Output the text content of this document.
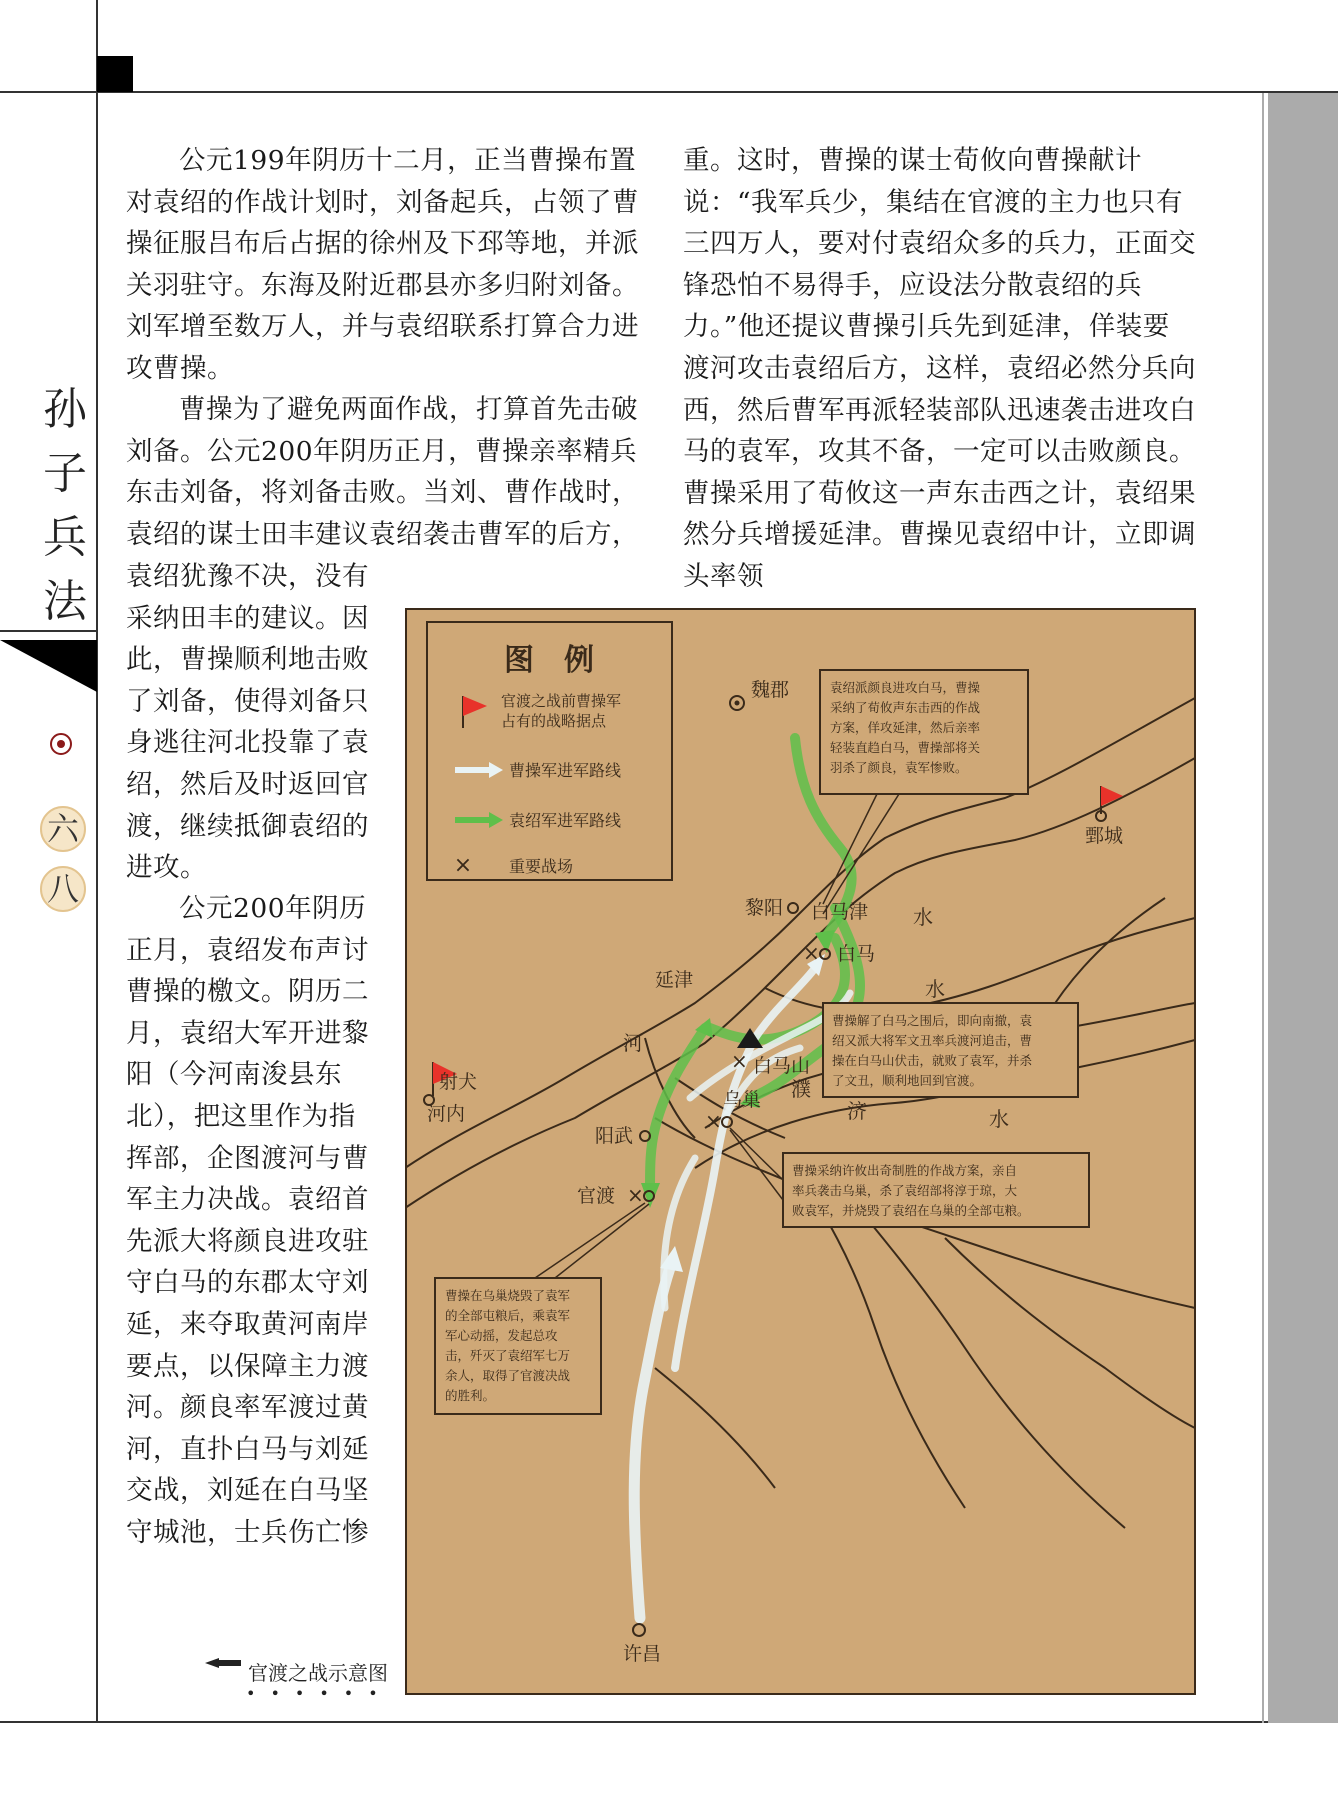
孙
子
兵
法
六
八
重。这时，曹操的谋士荀攸向曹操献计说：“我军兵少，集结在官渡的主力也只有三四万人，要对付袁绍众多的兵力，正面交锋恐怕不易得手，应设法分散袁绍的兵力。”他还提议曹操引兵先到延津，佯装要渡河攻击袁绍后方，这样，袁绍必然分兵向西，然后曹军再派轻装部队迅速袭击进攻白马的袁军，攻其不备，一定可以击败颜良。曹操采用了荀攸这一声东击西之计，袁绍果然分兵增援延津。曹操见袁绍中计，立即调头率领
公元199年阴历十二月，正当曹操布置对袁绍的作战计划时，刘备起兵，占领了曹操征服吕布后占据的徐州及下邳等地，并派关羽驻守。东海及附近郡县亦多归附刘备。刘军增至数万人，并与袁绍联系打算合力进攻曹操。
曹操为了避免两面作战，打算首先击破刘备。公元200年阴历正月，曹操亲率精兵东击刘备，将刘备击败。当刘、曹作战时，袁绍的谋士田丰建议袁绍袭击曹军的后方，
袁绍犹豫不决，没有采纳田丰的建议。因此，曹操顺利地击败了刘备，使得刘备只身逃往河北投靠了袁绍，然后及时返回官渡，继续抵御袁绍的进攻。
公元200年阴历正月，袁绍发布声讨曹操的檄文。阴历二月，袁绍大军开进黎阳（今河南浚县东北），把这里作为指挥部，企图渡河与曹军主力决战。袁绍首先派大将颜良进攻驻守白马的东郡太守刘延，来夺取黄河南岸要点，以保障主力渡河。颜良率军渡过黄河，直扑白马与刘延交战，刘延在白马坚守城池，士兵伤亡惨
图　例
官渡之战前曹操军
占有的战略据点
曹操军进军路线
袁绍军进军路线
× 重要战场
魏郡
黎阳 白马津
× 白马
鄄城
延津
× 白马山
射犬
河内
阳武
×
乌巢
×
官渡
许昌
水
河
水
濮
济	水
袁绍派颜良进攻白马，曹操
采纳了荀攸声东击西的作战
方案，佯攻延津，然后亲率
轻装直趋白马，曹操部将关
羽杀了颜良，袁军惨败。
曹操解了白马之围后，即向南撤，袁
绍又派大将军文丑率兵渡河追击，曹
操在白马山伏击，就败了袁军，并杀
了文丑，顺利地回到官渡。
曹操采纳许攸出奇制胜的作战方案，亲自
率兵袭击乌巢，杀了袁绍部将淳于琼，大
败袁军，并烧毁了袁绍在乌巢的全部屯粮。
曹操在乌巢烧毁了袁军
的全部屯粮后，乘袁军
军心动摇，发起总攻
击，歼灭了袁绍军七万
余人，取得了官渡决战
的胜利。
官渡之战示意图
••••••
